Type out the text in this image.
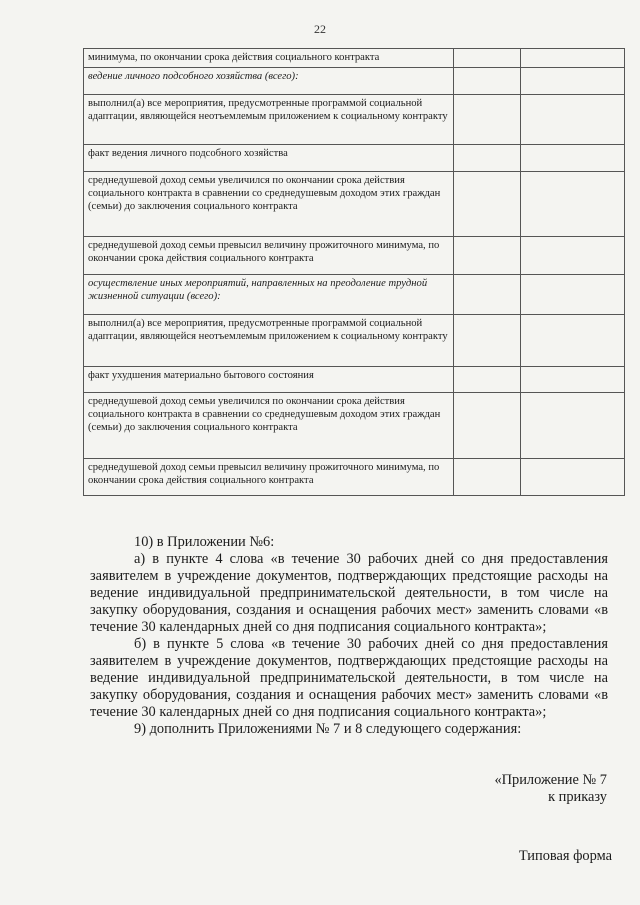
22
минимума, по окончании срока действия социального контракта		
ведение личного подсобного хозяйства (всего):		
выполнил(а) все мероприятия, предусмотренные программой социальной адаптации, являющейся неотъемлемым приложением к социальному контракту		
факт ведения личного подсобного хозяйства		
среднедушевой доход семьи увеличился по окончании срока действия социального контракта в сравнении со среднедушевым доходом этих граждан (семьи) до заключения социального контракта		
среднедушевой доход семьи превысил величину прожиточного минимума, по окончании срока действия социального контракта		
осуществление иных мероприятий, направленных на преодоление трудной жизненной ситуации (всего):		
выполнил(а) все мероприятия, предусмотренные программой социальной адаптации, являющейся неотъемлемым приложением к социальному контракту		
факт ухудшения материально бытового состояния		
среднедушевой доход семьи увеличился по окончании срока действия социального контракта в сравнении со среднедушевым доходом этих граждан (семьи) до заключения социального контракта		
среднедушевой доход семьи превысил величину прожиточного минимума, по окончании срока действия социального контракта		

10) в Приложении №6:

а) в пункте 4 слова «в течение 30 рабочих дней со дня предоставления заявителем в учреждение документов, подтверждающих предстоящие расходы на ведение индивидуальной предпринимательской деятельности, в том числе на закупку оборудования, создания и оснащения рабочих мест» заменить словами «в течение 30 календарных дней со дня подписания социального контракта»;

б) в пункте 5 слова «в течение 30 рабочих дней со дня предоставления заявителем в учреждение документов, подтверждающих предстоящие расходы на ведение индивидуальной предпринимательской деятельности, в том числе на закупку оборудования, создания и оснащения рабочих мест» заменить словами «в течение 30 календарных дней со дня подписания социального контракта»;

9) дополнить Приложениями № 7 и 8 следующего содержания:

«Приложение № 7
к приказу
Типовая форма
